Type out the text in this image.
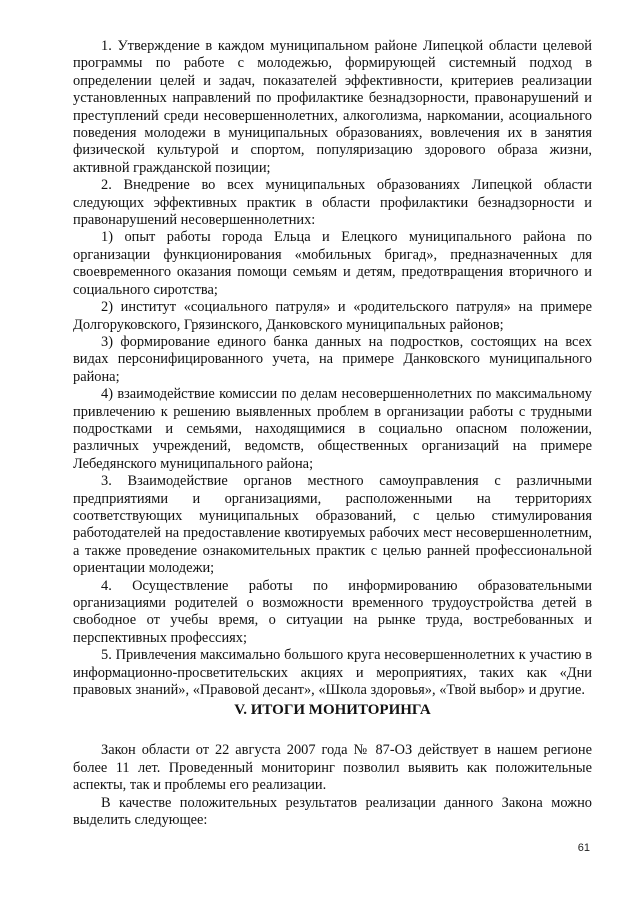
1. Утверждение в каждом муниципальном районе Липецкой области целевой программы по работе с молодежью, формирующей системный подход в определении целей и задач, показателей эффективности, критериев реализации установленных направлений по профилактике безнадзорности, правонарушений и преступлений среди несовершеннолетних, алкоголизма, наркомании, асоциального поведения молодежи в муниципальных образованиях, вовлечения их в занятия физической культурой и спортом, популяризацию здорового образа жизни, активной гражданской позиции;

2. Внедрение во всех муниципальных образованиях Липецкой области следующих эффективных практик в области профилактики безнадзорности и правонарушений несовершеннолетних:

1) опыт работы города Ельца и Елецкого муниципального района по организации функционирования «мобильных бригад», предназначенных для своевременного оказания помощи семьям и детям, предотвращения вторичного и социального сиротства;

2) институт «социального патруля» и «родительского патруля» на примере Долгоруковского, Грязинского, Данковского муниципальных районов;

3) формирование единого банка данных на подростков, состоящих на всех видах персонифицированного учета, на примере Данковского муниципального района;

4) взаимодействие комиссии по делам несовершеннолетних по максимальному привлечению к решению выявленных проблем в организации работы с трудными подростками и семьями, находящимися в социально опасном положении, различных учреждений, ведомств, общественных организаций на примере Лебедянского муниципального района;

3. Взаимодействие органов местного самоуправления с различными предприятиями и организациями, расположенными на территориях соответствующих муниципальных образований, с целью стимулирования работодателей на предоставление квотируемых рабочих мест несовершеннолетним, а также проведение ознакомительных практик с целью ранней профессиональной ориентации молодежи;

4. Осуществление работы по информированию образовательными организациями родителей о возможности временного трудоустройства детей в свободное от учебы время, о ситуации на рынке труда, востребованных и перспективных профессиях;

5. Привлечения максимально большого круга несовершеннолетних к участию в информационно-просветительских акциях и мероприятиях, таких как «Дни правовых знаний», «Правовой десант», «Школа здоровья», «Твой выбор» и другие.

V. ИТОГИ МОНИТОРИНГА

Закон области от 22 августа 2007 года № 87-ОЗ действует в нашем регионе более 11 лет. Проведенный мониторинг позволил выявить как положительные аспекты, так и проблемы его реализации.

В качестве положительных результатов реализации данного Закона можно выделить следующее:

61
